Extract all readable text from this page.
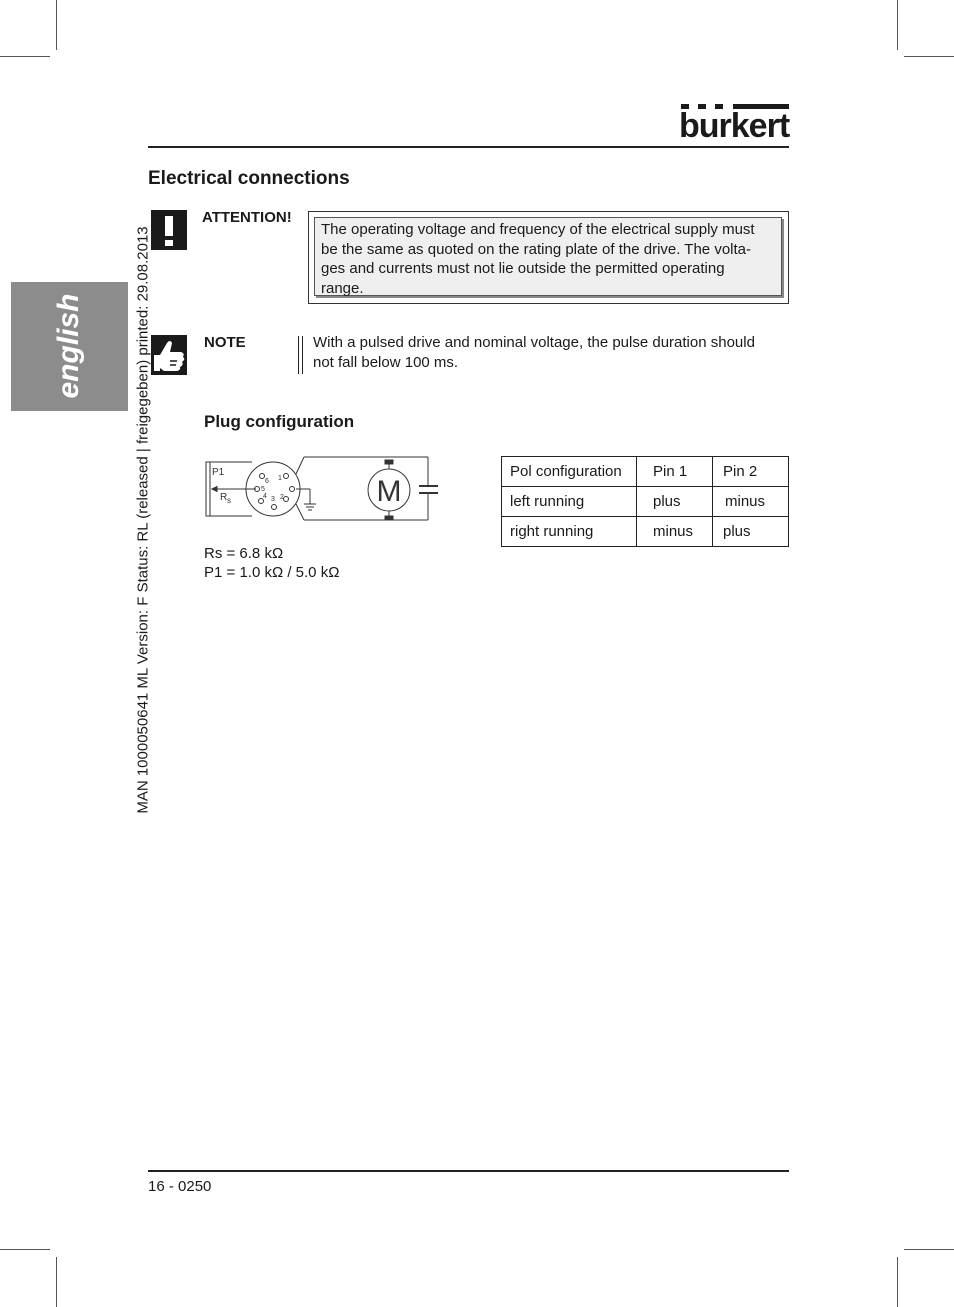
burkert
english	MAN 1000050641 ML Version: F Status: RL (released | freigegeben) printed: 29.08.2013
Electrical connections
ATTENTION!
The operating voltage and frequency of the electrical supply must
be the same as quoted on the rating plate of the drive. The volta-
ges and currents must not lie outside the permitted operating
range.
NOTE	With a pulsed drive and nominal voltage, the pulse duration should
not fall below 100 ms.
Plug configuration
P1
R s
1
2
3
4
5
6	M
Rs = 6.8 kΩ
P1 = 1.0 kΩ / 5.0 kΩ
Pol configuration	Pin 1	Pin 2
left running	plus	minus
right running	minus	plus
16 - 0250
